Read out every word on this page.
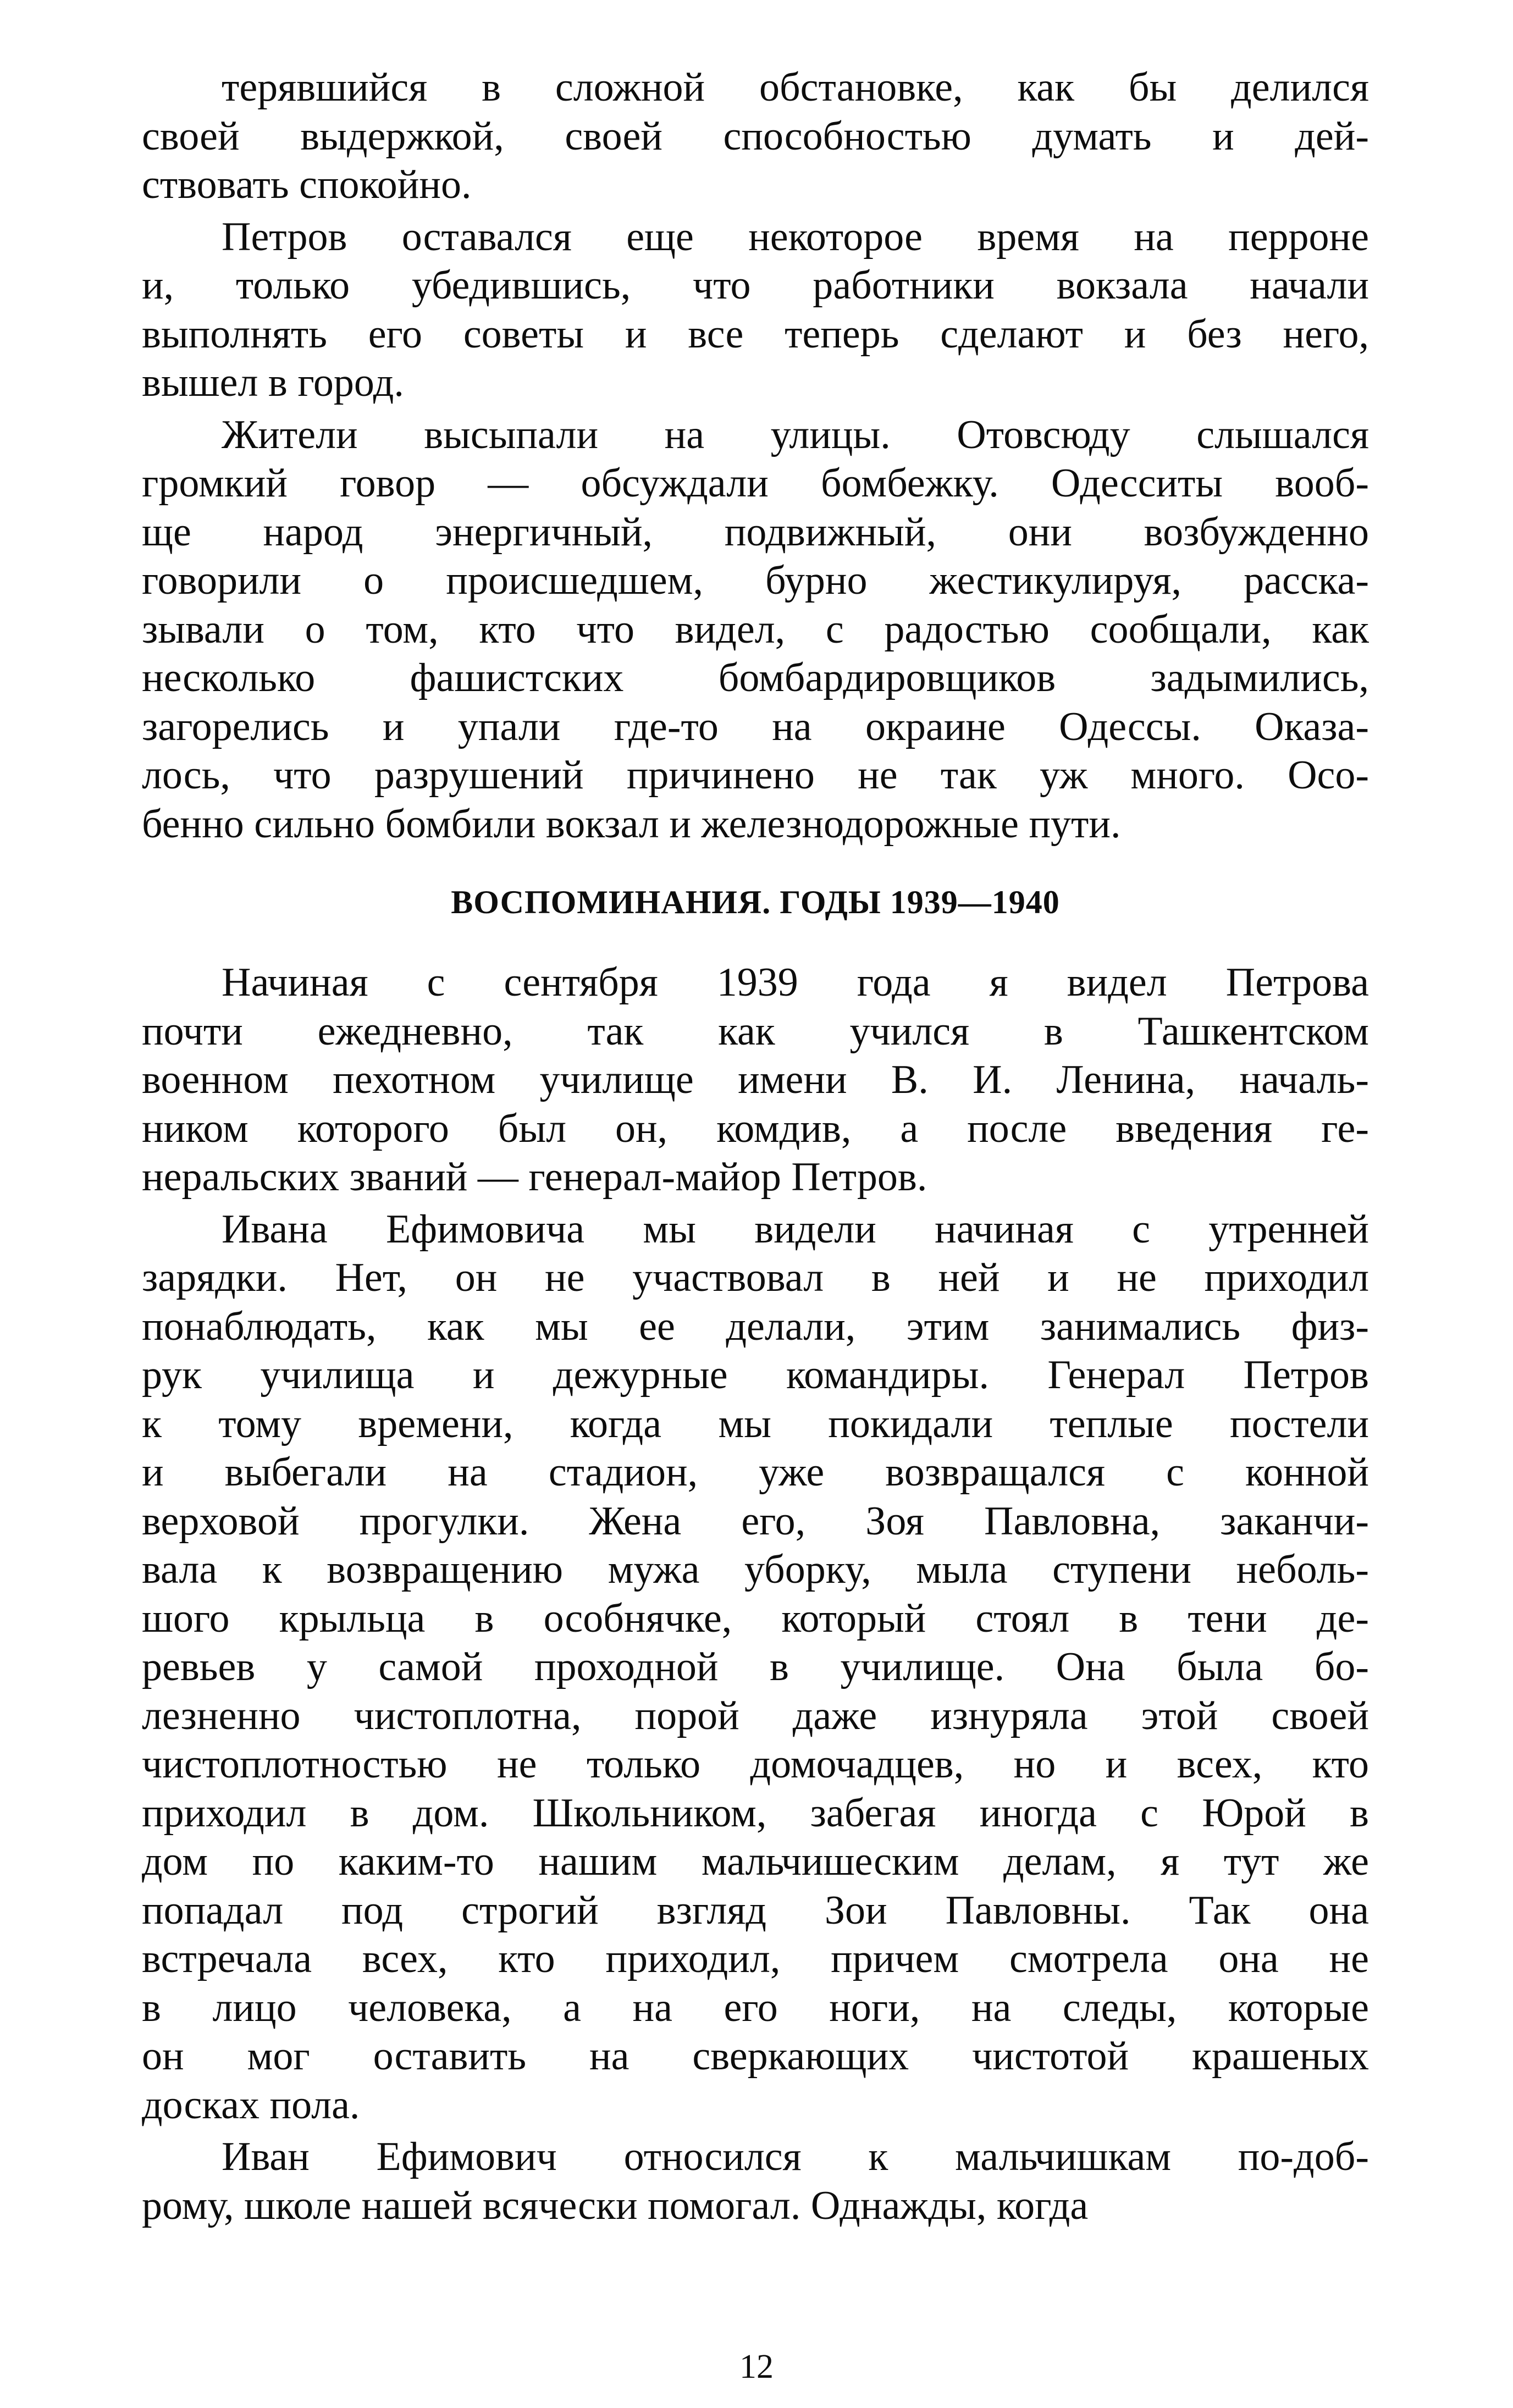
терявшийся в сложной обстановке, как бы делился
своей выдержкой, своей способностью думать и дей-
ствовать спокойно.
Петров оставался еще некоторое время на перроне
и, только убедившись, что работники вокзала начали
выполнять его советы и все теперь сделают и без него,
вышел в город.
Жители высыпали на улицы. Отовсюду слышался
громкий говор — обсуждали бомбежку. Одесситы вооб-
ще народ энергичный, подвижный, они возбужденно
говорили о происшедшем, бурно жестикулируя, расска-
зывали о том, кто что видел, с радостью сообщали, как
несколько фашистских бомбардировщиков задымились,
загорелись и упали где-то на окраине Одессы. Оказа-
лось, что разрушений причинено не так уж много. Осо-
бенно сильно бомбили вокзал и железнодорожные пути.
ВОСПОМИНАНИЯ. ГОДЫ 1939—1940
Начиная с сентября 1939 года я видел Петрова
почти ежедневно, так как учился в Ташкентском
военном пехотном училище имени В. И. Ленина, началь-
ником которого был он, комдив, а после введения ге-
неральских званий — генерал-майор Петров.
Ивана Ефимовича мы видели начиная с утренней
зарядки. Нет, он не участвовал в ней и не приходил
понаблюдать, как мы ее делали, этим занимались физ-
рук училища и дежурные командиры. Генерал Петров
к тому времени, когда мы покидали теплые постели
и выбегали на стадион, уже возвращался с конной
верховой прогулки. Жена его, Зоя Павловна, заканчи-
вала к возвращению мужа уборку, мыла ступени неболь-
шого крыльца в особнячке, который стоял в тени де-
ревьев у самой проходной в училище. Она была бо-
лезненно чистоплотна, порой даже изнуряла этой своей
чистоплотностью не только домочадцев, но и всех, кто
приходил в дом. Школьником, забегая иногда с Юрой в
дом по каким-то нашим мальчишеским делам, я тут же
попадал под строгий взгляд Зои Павловны. Так она
встречала всех, кто приходил, причем смотрела она не
в лицо человека, а на его ноги, на следы, которые
он мог оставить на сверкающих чистотой крашеных
досках пола.
Иван Ефимович относился к мальчишкам по-доб-
рому, школе нашей всячески помогал. Однажды, когда
12
